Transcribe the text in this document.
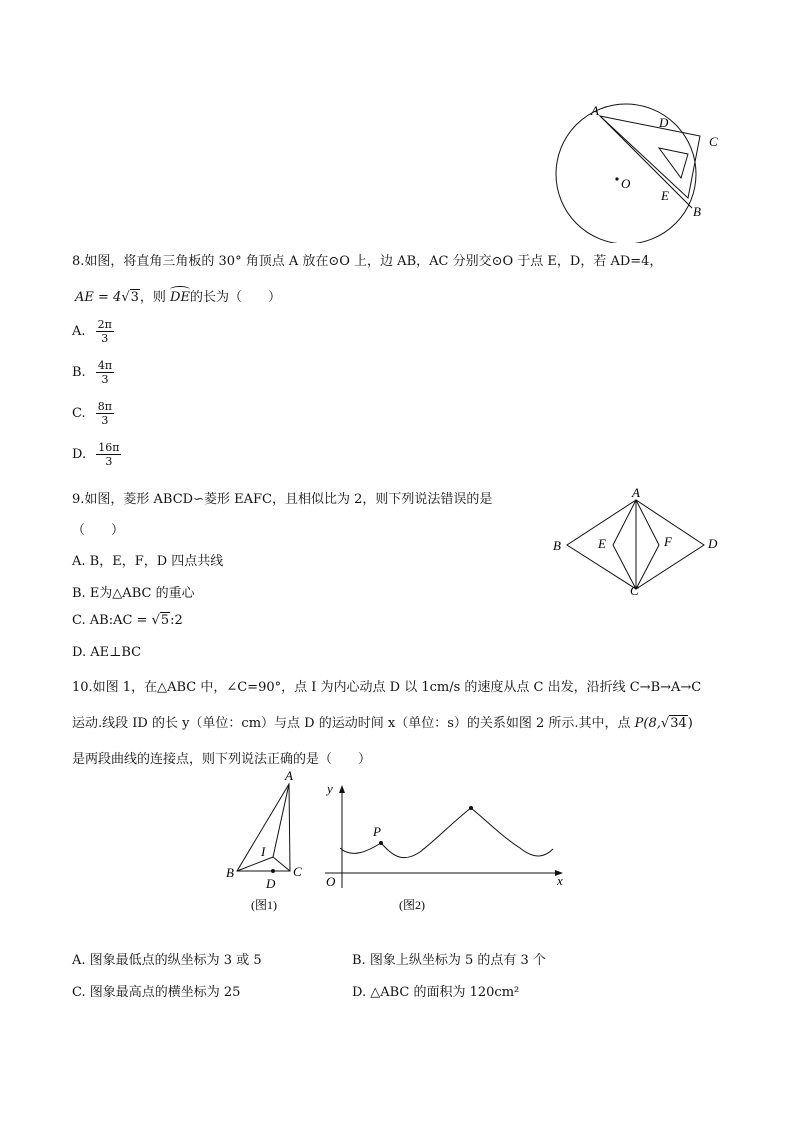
A
D
C
O
E
B
8.如图，将直角三角板的 30° 角顶点 A 放在⊙O 上，边 AB，AC 分别交⊙O 于点 E，D，若 AD=4，
AE = 4√3，则 DE的长为（　　）
A. $\frac{2\pi}{3}$
B. $\frac{4\pi}{3}$
C. $\frac{8\pi}{3}$
D. $\frac{16\pi}{3}$
A
B	E	F	D
C
9.如图，菱形 ABCD∽菱形 EAFC，且相似比为 2，则下列说法错误的是
（　　）
A. B，E，F，D 四点共线
B. E为△ABC 的重心
C. AB:AC = √5:2
D. AE⊥BC
10.如图 1，在△ABC 中，∠C=90°，点 I 为内心动点 D 以 1cm/s 的速度从点 C 出发，沿折线 C→B→A→C
运动.线段 ID 的长 y（单位：cm）与点 D 的运动时间 x（单位：s）的关系如图 2 所示.其中，点 P(8,√34)
是两段曲线的连接点，则下列说法正确的是（　　）
A
I
B	C
D
(图1)
y
P
O	x
(图2)
A. 图象最低点的纵坐标为 3 或 5	B. 图象上纵坐标为 5 的点有 3 个
C. 图象最高点的横坐标为 25	D. △ABC 的面积为 120cm²
